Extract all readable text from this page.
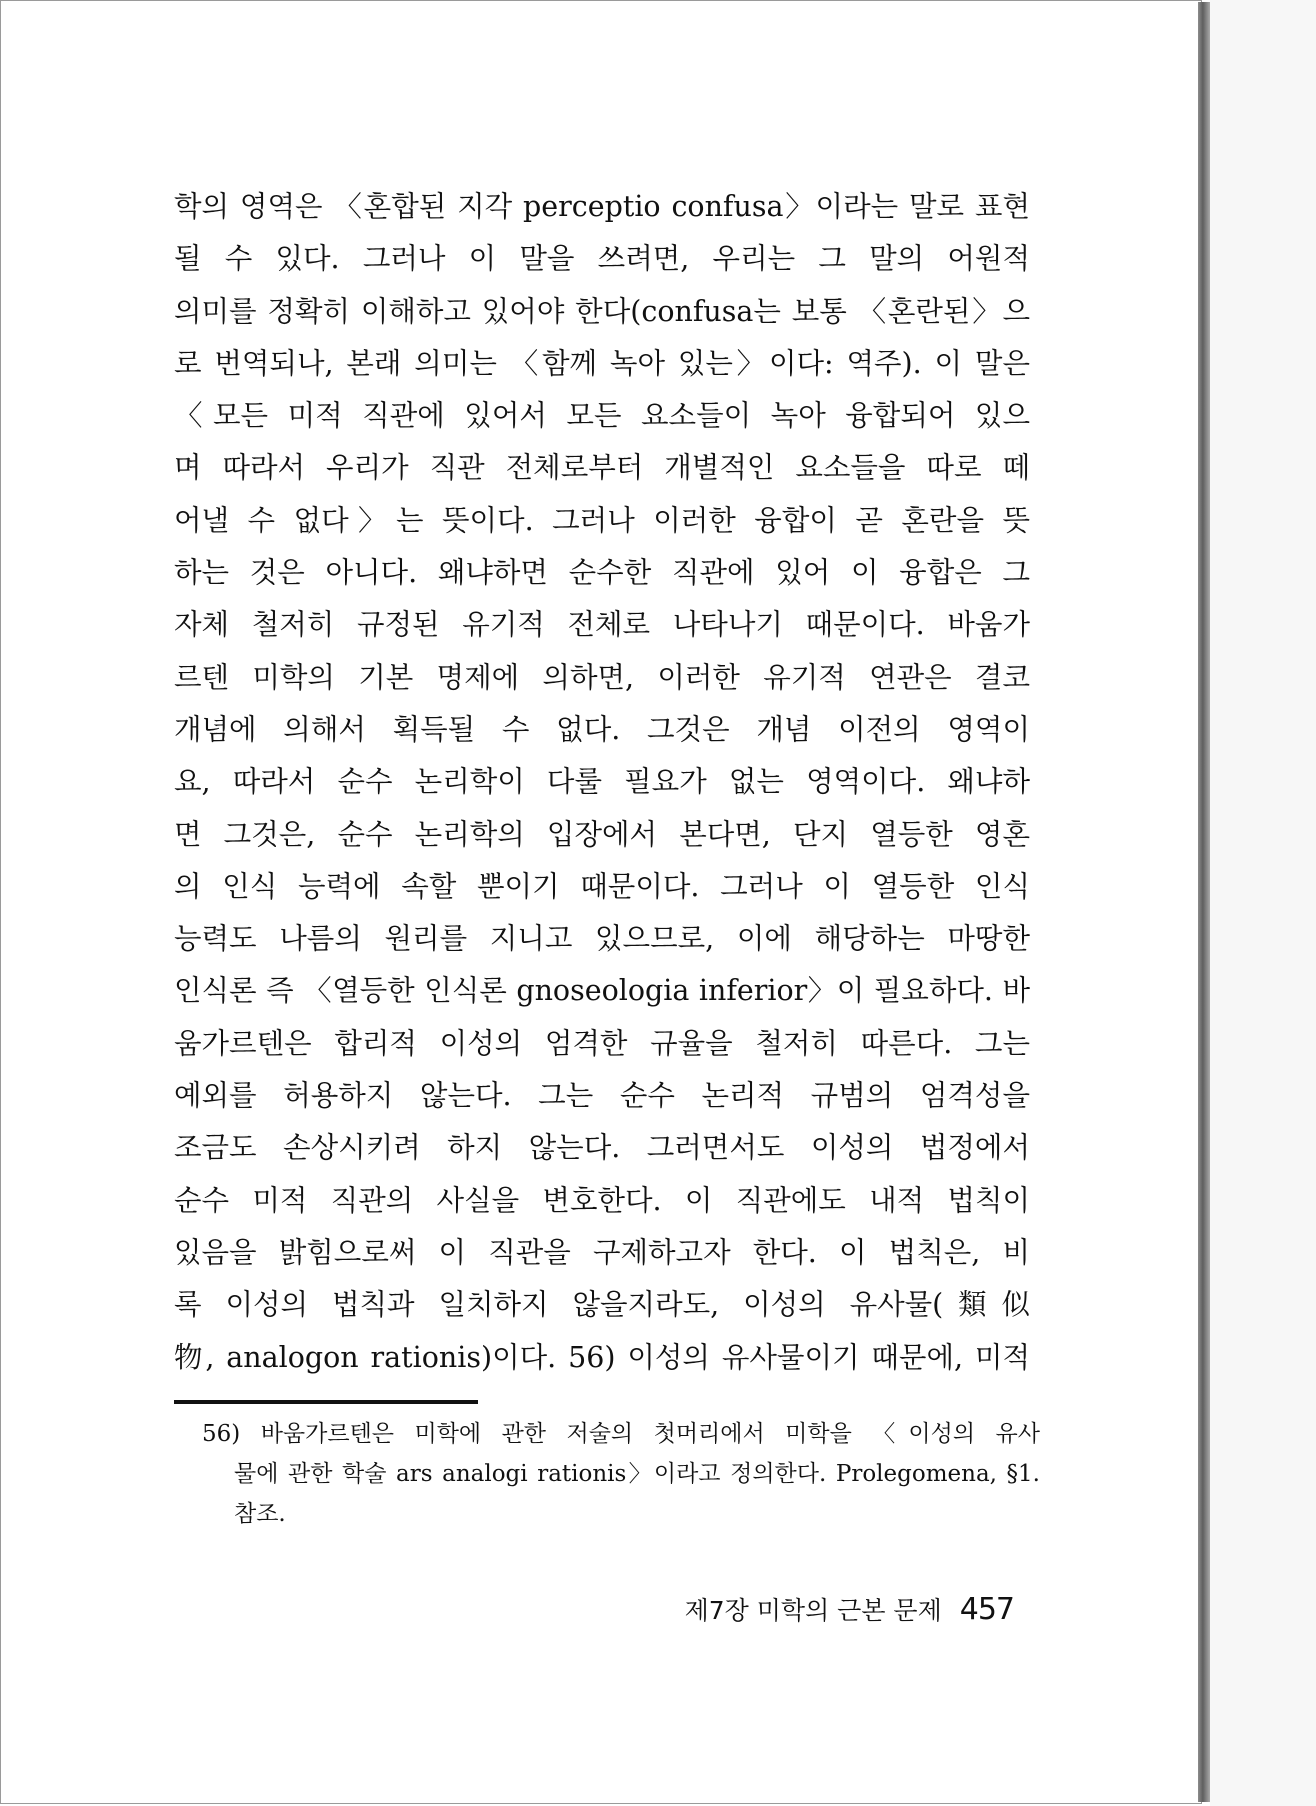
학의 영역은 〈혼합된 지각 perceptio confusa〉이라는 말로 표현
될 수 있다. 그러나 이 말을 쓰려면, 우리는 그 말의 어원적
의미를 정확히 이해하고 있어야 한다(confusa는 보통 〈혼란된〉으
로 번역되나, 본래 의미는 〈함께 녹아 있는〉이다: 역주). 이 말은
〈모든 미적 직관에 있어서 모든 요소들이 녹아 융합되어 있으
며 따라서 우리가 직관 전체로부터 개별적인 요소들을 따로 떼
어낼 수 없다〉는 뜻이다. 그러나 이러한 융합이 곧 혼란을 뜻
하는 것은 아니다. 왜냐하면 순수한 직관에 있어 이 융합은 그
자체 철저히 규정된 유기적 전체로 나타나기 때문이다. 바움가
르텐 미학의 기본 명제에 의하면, 이러한 유기적 연관은 결코
개념에 의해서 획득될 수 없다. 그것은 개념 이전의 영역이
요, 따라서 순수 논리학이 다룰 필요가 없는 영역이다. 왜냐하
면 그것은, 순수 논리학의 입장에서 본다면, 단지 열등한 영혼
의 인식 능력에 속할 뿐이기 때문이다. 그러나 이 열등한 인식
능력도 나름의 원리를 지니고 있으므로, 이에 해당하는 마땅한
인식론 즉 〈열등한 인식론 gnoseologia inferior〉이 필요하다. 바
움가르텐은 합리적 이성의 엄격한 규율을 철저히 따른다. 그는
예외를 허용하지 않는다. 그는 순수 논리적 규범의 엄격성을
조금도 손상시키려 하지 않는다. 그러면서도 이성의 법정에서
순수 미적 직관의 사실을 변호한다. 이 직관에도 내적 법칙이
있음을 밝힘으로써 이 직관을 구제하고자 한다. 이 법칙은, 비
록 이성의 법칙과 일치하지 않을지라도, 이성의 유사물(類似
物, analogon rationis)이다. 56) 이성의 유사물이기 때문에, 미적
56) 바움가르텐은 미학에 관한 저술의 첫머리에서 미학을 〈이성의 유사
물에 관한 학술 ars analogi rationis〉이라고 정의한다. Prolegomena, §1.
참조.
제7장 미학의 근본 문제 457
